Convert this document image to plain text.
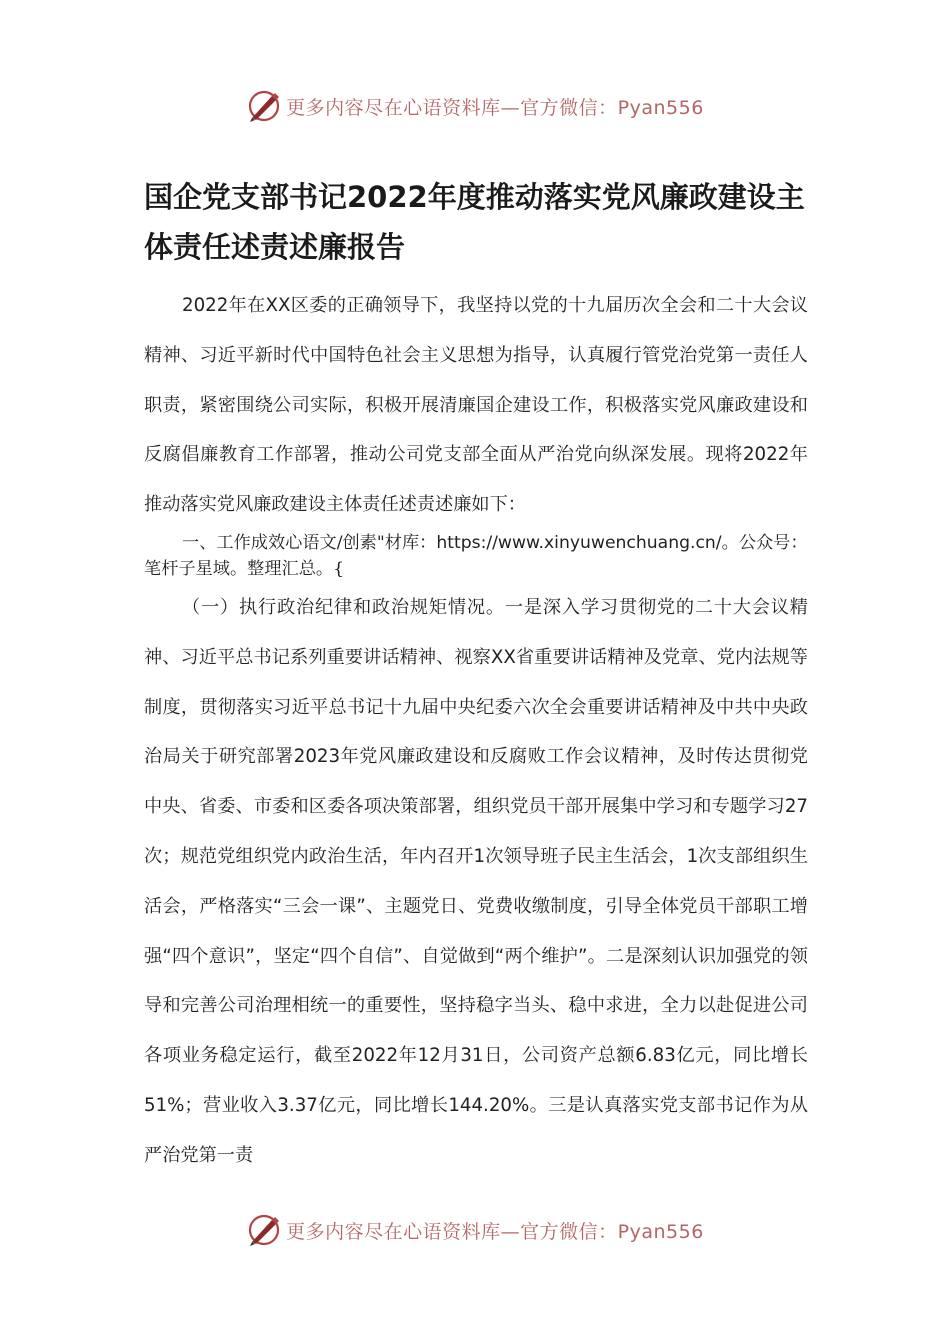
更多内容尽在心语资料库—官方微信：Pyan556
国企党支部书记2022年度推动落实党风廉政建设主体责任述责述廉报告

2022年在XX区委的正确领导下，我坚持以党的十九届历次全会和二十大会议精神、习近平新时代中国特色社会主义思想为指导，认真履行管党治党第一责任人职责，紧密围绕公司实际，积极开展清廉国企建设工作，积极落实党风廉政建设和反腐倡廉教育工作部署，推动公司党支部全面从严治党向纵深发展。现将2022年推动落实党风廉政建设主体责任述责述廉如下：

一、工作成效心语文/创素"材库：https://www.xinyuwenchuang.cn/。公众号：笔杆子星域。整理汇总。{

（一）执行政治纪律和政治规矩情况。一是深入学习贯彻党的二十大会议精神、习近平总书记系列重要讲话精神、视察XX省重要讲话精神及党章、党内法规等制度，贯彻落实习近平总书记十九届中央纪委六次全会重要讲话精神及中共中央政治局关于研究部署2023年党风廉政建设和反腐败工作会议精神，及时传达贯彻党中央、省委、市委和区委各项决策部署，组织党员干部开展集中学习和专题学习27次；规范党组织党内政治生活，年内召开1次领导班子民主生活会，1次支部组织生活会，严格落实“三会一课”、主题党日、党费收缴制度，引导全体党员干部职工增强“四个意识”，坚定“四个自信”、自觉做到“两个维护”。二是深刻认识加强党的领导和完善公司治理相统一的重要性，坚持稳字当头、稳中求进，全力以赴促进公司各项业务稳定运行，截至2022年12月31日，公司资产总额6.83亿元，同比增长51%；营业收入3.37亿元，同比增长144.20%。三是认真落实党支部书记作为从严治党第一责

更多内容尽在心语资料库—官方微信：Pyan556
